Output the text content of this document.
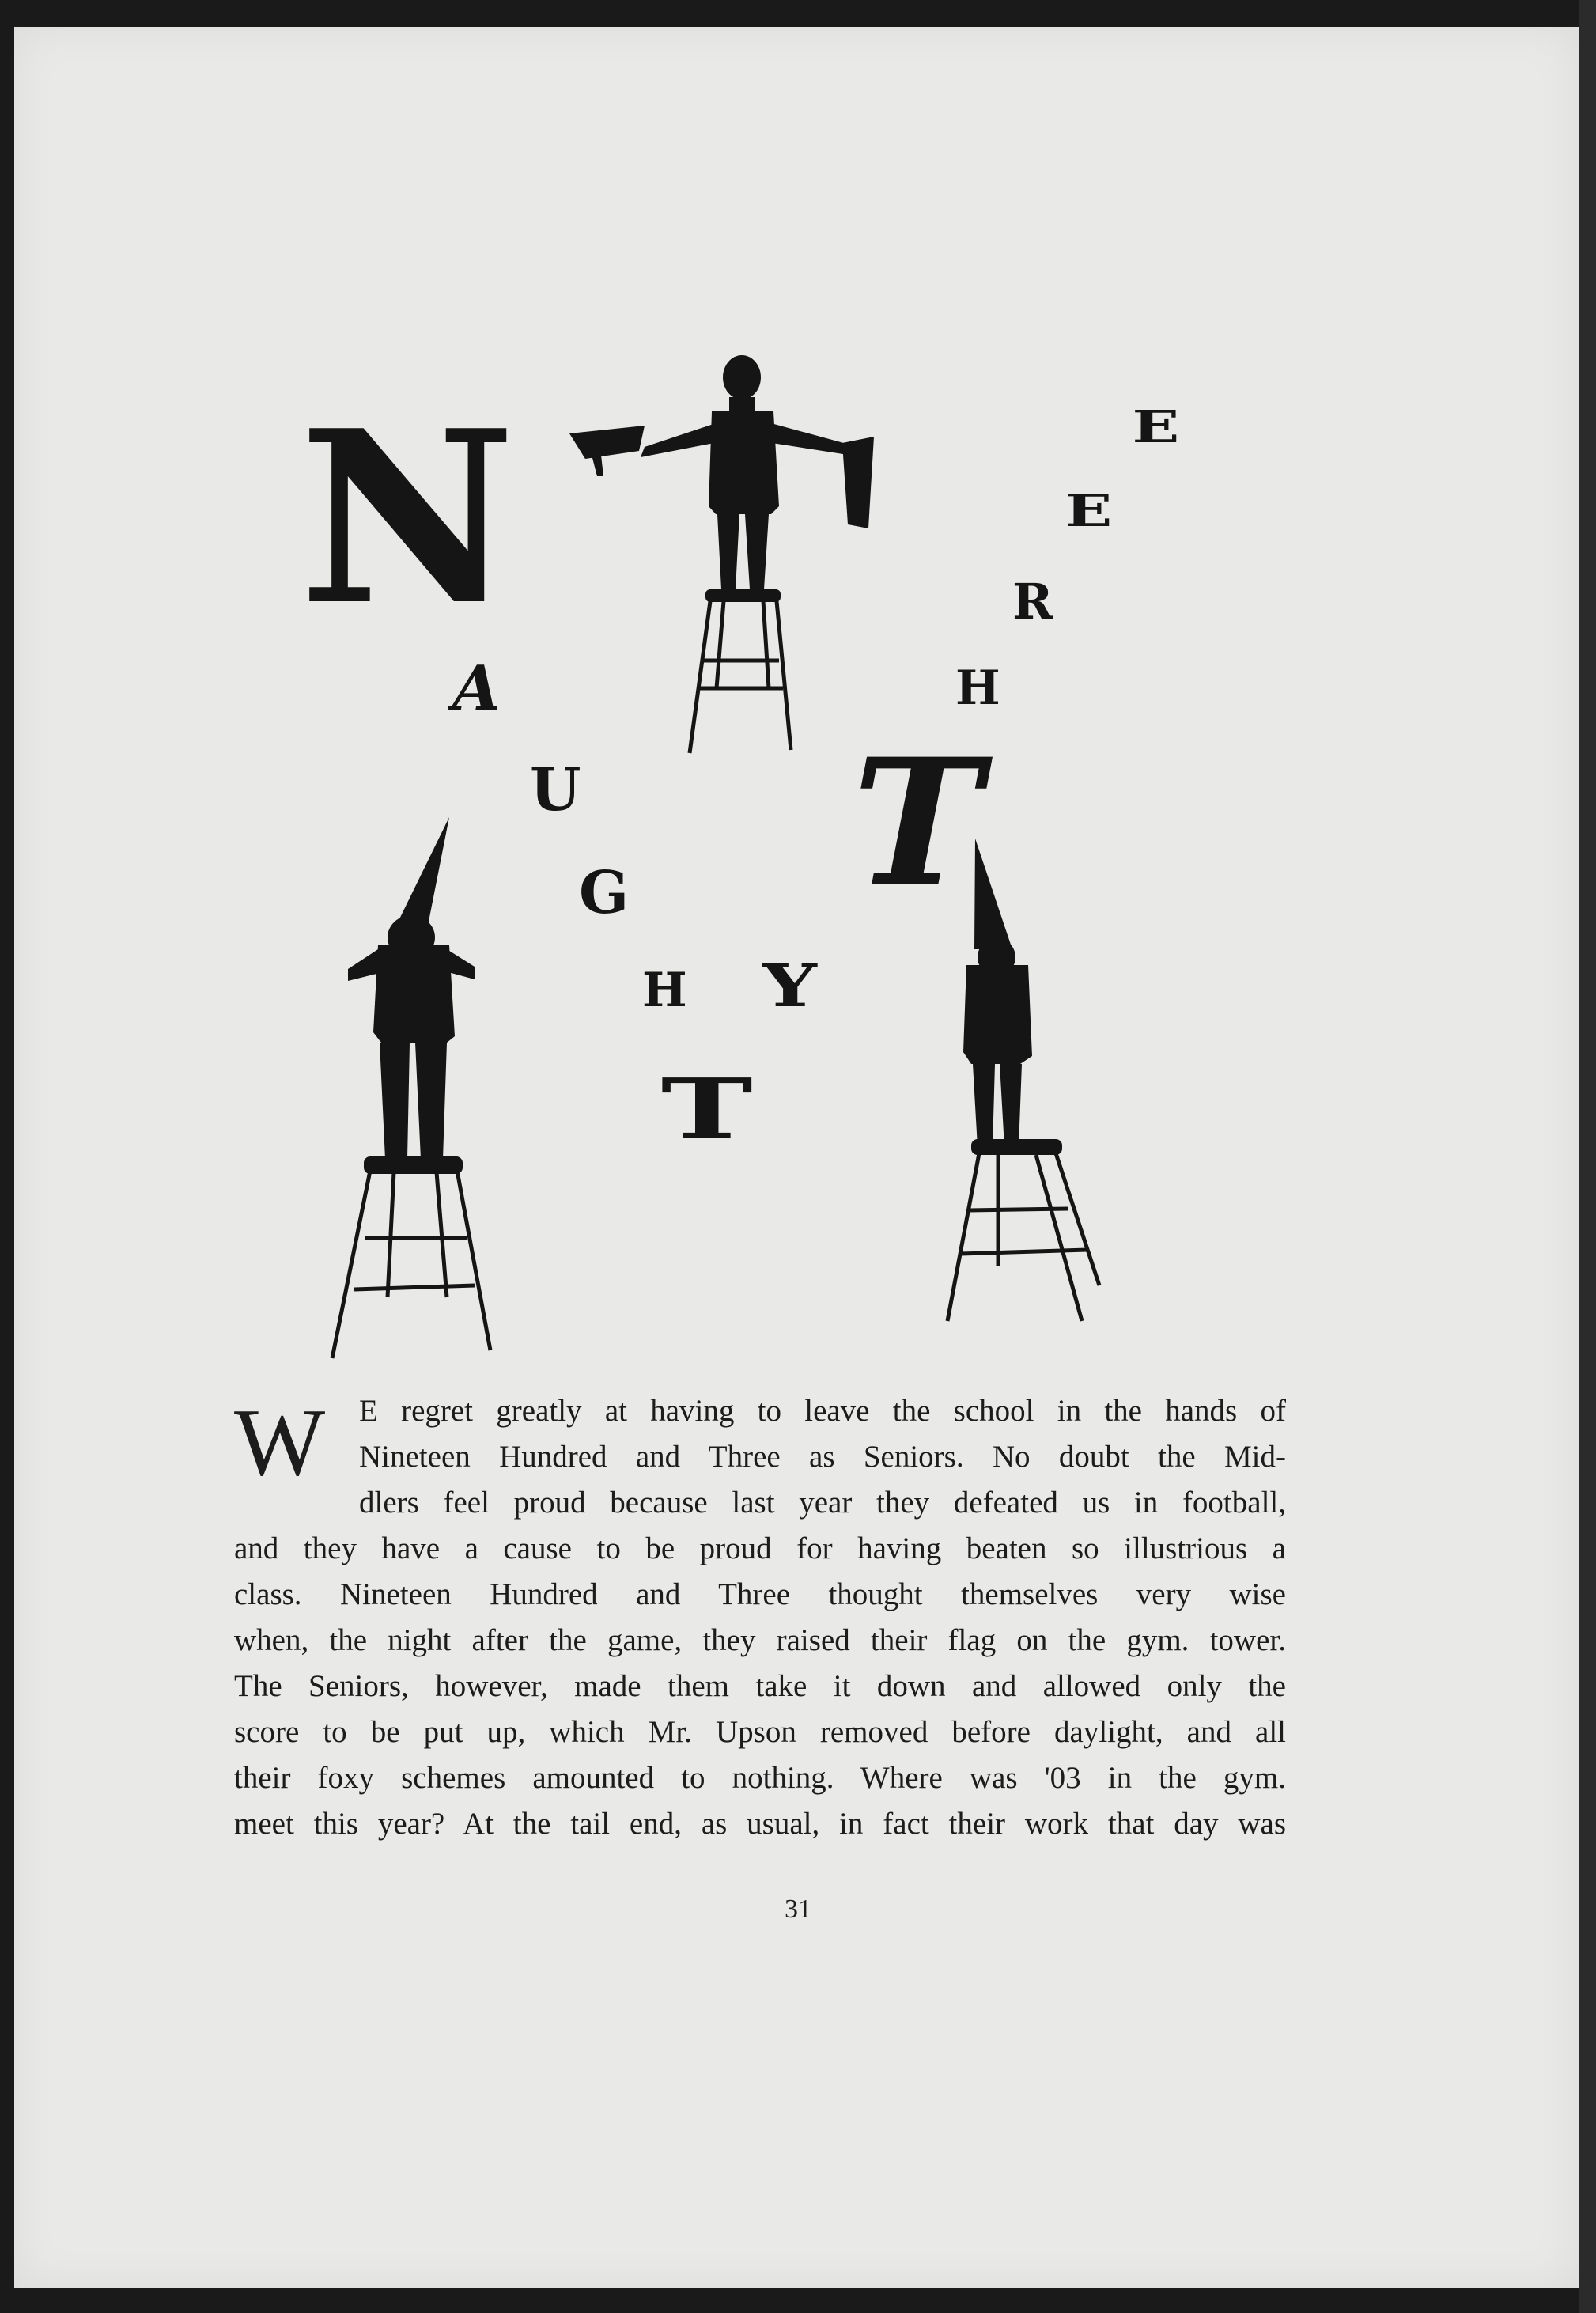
N
A
U
G
H
T
Y
T
H
R
E
E
W E regret greatly at having to leave the school in the hands of
Nineteen Hundred and Three as Seniors. No doubt the Mid-
dlers feel proud because last year they defeated us in football,
and they have a cause to be proud for having beaten so illustrious a
class. Nineteen Hundred and Three thought themselves very wise
when, the night after the game, they raised their flag on the gym. tower.
The Seniors, however, made them take it down and allowed only the
score to be put up, which Mr. Upson removed before daylight, and all
their foxy schemes amounted to nothing. Where was '03 in the gym.
meet this year? At the tail end, as usual, in fact their work that day was
31
